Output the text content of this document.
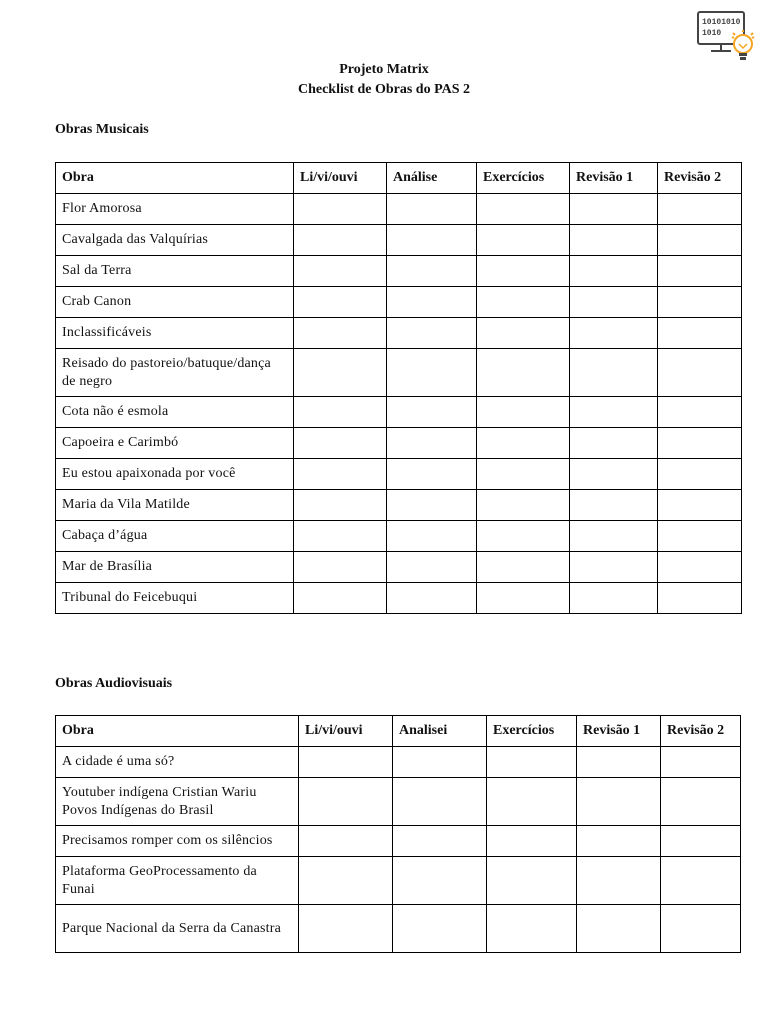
10101010
1010
Projeto Matrix
Checklist de Obras do PAS 2
Obras Musicais
Obra	Li/vi/ouvi	Análise	Exercícios	Revisão 1	Revisão 2
Flor Amorosa					
Cavalgada das Valquírias					
Sal da Terra					
Crab Canon					
Inclassificáveis					
Reisado do pastoreio/batuque/dança de negro					
Cota não é esmola					
Capoeira e Carimbó					
Eu estou apaixonada por você					
Maria da Vila Matilde					
Cabaça d’água					
Mar de Brasília					
Tribunal do Feicebuqui					
Obras Audiovisuais
Obra	Li/vi/ouvi	Analisei	Exercícios	Revisão 1	Revisão 2
A cidade é uma só?					
Youtuber indígena Cristian Wariu Povos Indígenas do Brasil					
Precisamos romper com os silêncios					
Plataforma GeoProcessamento da Funai					
Parque Nacional da Serra da Canastra					
